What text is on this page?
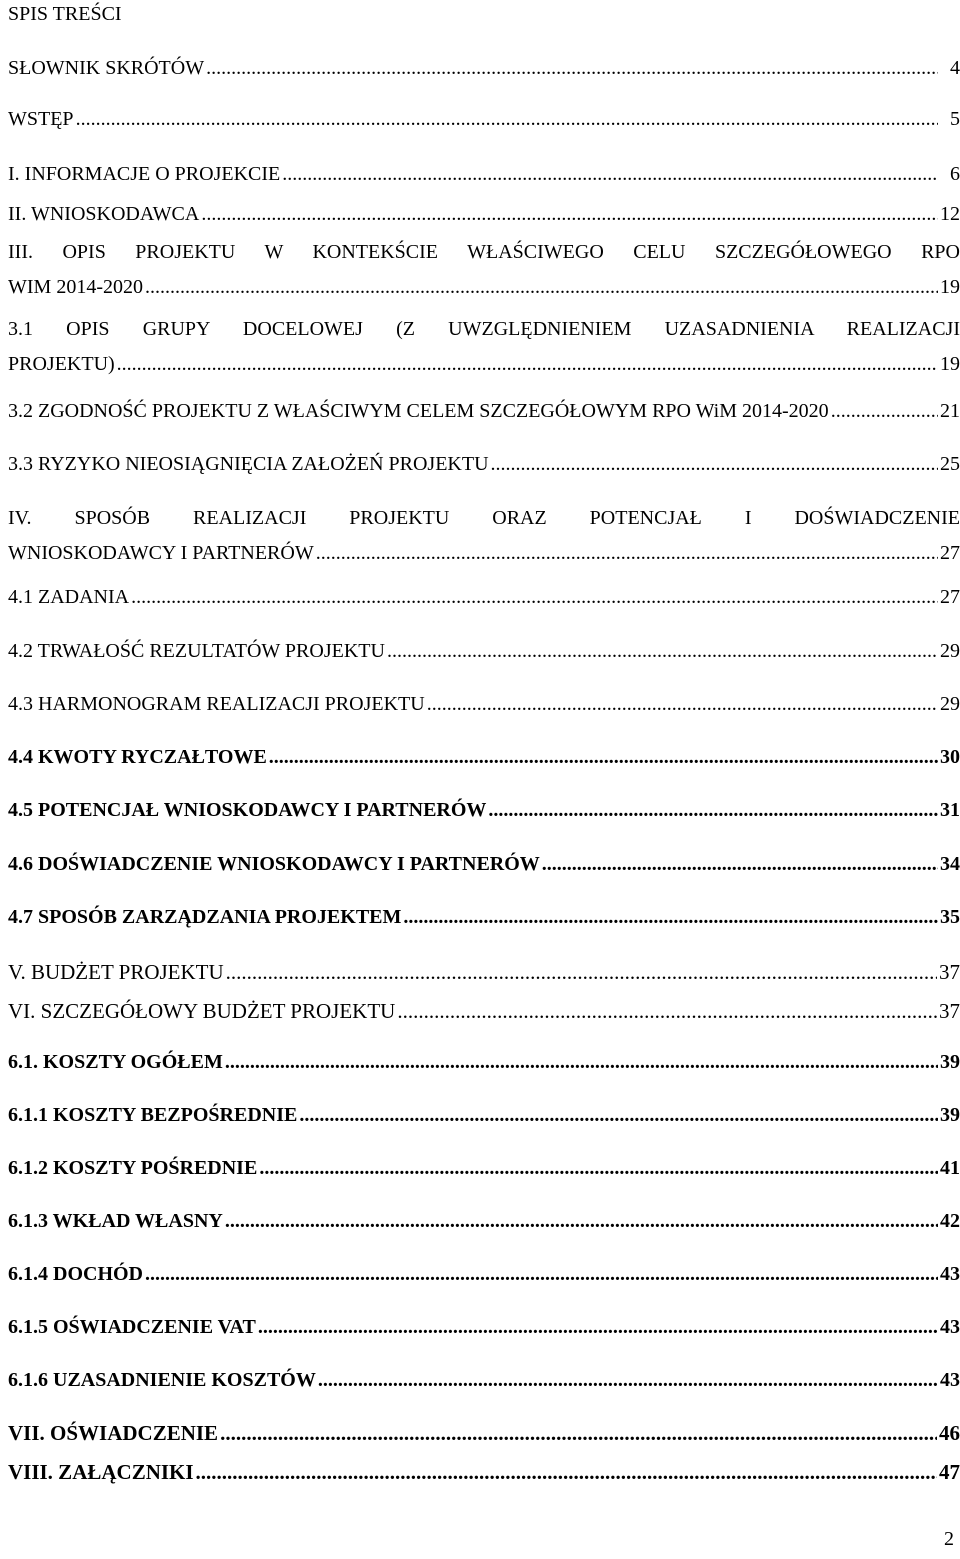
SPIS TREŚCI
SŁOWNIK SKRÓTÓW .....	4
WSTĘP .....	5
I. INFORMACJE O PROJEKCIE .....	6
II. WNIOSKODAWCA .....	12
III. OPIS PROJEKTU W KONTEKŚCIE WŁAŚCIWEGO CELU SZCZEGÓŁOWEGO RPO
WIM 2014-2020 .....	19
3.1 OPIS GRUPY DOCELOWEJ (Z UWZGLĘDNIENIEM UZASADNIENIA REALIZACJI
PROJEKTU) .....	19
3.2 ZGODNOŚĆ PROJEKTU Z WŁAŚCIWYM CELEM SZCZEGÓŁOWYM RPO WiM 2014-2020 .....	21
3.3 RYZYKO NIEOSIĄGNIĘCIA ZAŁOŻEŃ PROJEKTU .....	25
IV. SPOSÓB REALIZACJI PROJEKTU ORAZ POTENCJAŁ I DOŚWIADCZENIE
WNIOSKODAWCY I PARTNERÓW .....	27
4.1 ZADANIA .....	27
4.2 TRWAŁOŚĆ REZULTATÓW PROJEKTU .....	29
4.3 HARMONOGRAM REALIZACJI PROJEKTU .....	29
4.4 KWOTY RYCZAŁTOWE .....	30
4.5 POTENCJAŁ WNIOSKODAWCY I PARTNERÓW .....	31
4.6 DOŚWIADCZENIE WNIOSKODAWCY I PARTNERÓW .....	34
4.7 SPOSÓB ZARZĄDZANIA PROJEKTEM .....	35
V. BUDŻET PROJEKTU .....	37
VI. SZCZEGÓŁOWY BUDŻET PROJEKTU .....	37
6.1. KOSZTY OGÓŁEM .....	39
6.1.1 KOSZTY BEZPOŚREDNIE .....	39
6.1.2 KOSZTY POŚREDNIE .....	41
6.1.3 WKŁAD WŁASNY .....	42
6.1.4 DOCHÓD .....	43
6.1.5 OŚWIADCZENIE VAT .....	43
6.1.6 UZASADNIENIE KOSZTÓW .....	43
VII. OŚWIADCZENIE .....	46
VIII. ZAŁĄCZNIKI .....	47
2
